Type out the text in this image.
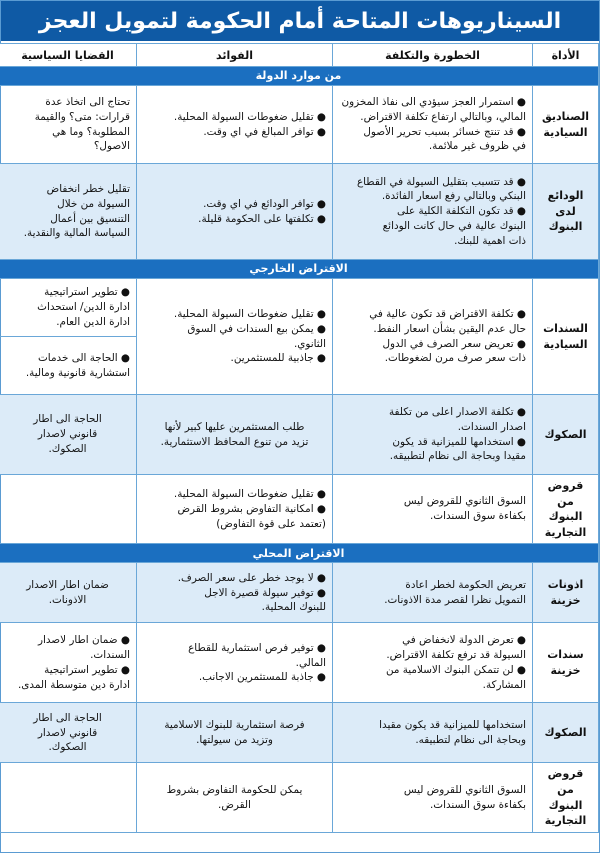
السيناريوهات المتاحة أمام الحكومة لتمويل العجز
الأداة	الخطورة والتكلفة	الفوائد	القضايا السياسية
من موارد الدولة			
الصناديق السيادية	● استمرار العجز سيؤدي الى نفاذ المخزون
المالي، وبالتالي ارتفاع تكلفة الاقتراض.
● قد تنتج خسائر بسبب تحرير الأصول
في ظروف غير ملائمة.	● تقليل ضغوطات السيولة المحلية.
● توافر المبالغ في اي وقت.	تحتاج الى اتخاذ عدة
قرارات: متى؟ والقيمة
المطلوبة؟ وما هي
الاصول؟

الودائع لدى البنوك	● قد تتسبب بتقليل السيولة في القطاع
البنكي وبالتالي رفع اسعار الفائدة.
● قد تكون التكلفة الكلية على
البنوك عالية في حال كانت الودائع
ذات اهمية للبنك.	● توافر الودائع في اي وقت.
● تكلفتها على الحكومة قليلة.	تقليل خطر انخفاض
السيولة من خلال
التنسيق بين أعمال
السياسة المالية والنقدية.

الاقتراض الخارجي			
السندات السيادية	● تكلفة الاقتراض قد تكون عالية في
حال عدم اليقين بشأن اسعار النفط.
● تعريض سعر الصرف في الدول
ذات سعر صرف مرن لضغوطات.	● تقليل ضغوطات السيولة المحلية.
● يمكن بيع السندات في السوق
الثانوي.
● جاذبية للمستثمرين.	● تطوير استراتيجية
ادارة الدين/ استحداث
ادارة الدين العام.

			● الحاجة الى خدمات
استشارية قانونية ومالية.

الصكوك	● تكلفة الاصدار اعلى من تكلفة
اصدار السندات.
● استخدامها للميزانية قد يكون
مقيدا وبحاجة الى نظام لتطبيقه.	طلب المستثمرين عليها كبير لأنها
تزيد من تنوع المحافظ الاستثمارية.	الحاجة الى اطار
قانوني لاصدار
الصكوك.

قروض من البنوك التجارية	السوق الثانوي للقروض ليس
بكفاءة سوق السندات.	● تقليل ضغوطات السيولة المحلية.
● امكانية التفاوض بشروط القرض
(تعتمد على قوة التفاوض)	

الاقتراض المحلي			
اذونات خزينة	تعريض الحكومة لخطر اعادة
التمويل نظرا لقصر مدة الاذونات.	● لا يوجد خطر على سعر الصرف.
● توفير سيولة قصيرة الاجل
للبنوك المحلية.	ضمان اطار الاصدار
الاذونات.

سندات خزينة	● تعرض الدولة لانخفاض في
السيولة قد ترفع تكلفة الاقتراض.
● لن تتمكن البنوك الاسلامية من
المشاركة.	● توفير فرص استثمارية للقطاع
المالي.
● جاذبة للمستثمرين الاجانب.	● ضمان اطار لاصدار
السندات.
● تطوير استراتيجية
ادارة دين متوسطة المدى.

الصكوك	استخدامها للميزانية قد يكون مقيدا
وبحاجة الى نظام لتطبيقه.	فرصة استثمارية للبنوك الاسلامية
وتزيد من سيولتها.	الحاجة الى اطار
قانوني لاصدار
الصكوك.

قروض من البنوك التجارية	السوق الثانوي للقروض ليس
بكفاءة سوق السندات.	يمكن للحكومة التفاوض بشروط
القرض.	
